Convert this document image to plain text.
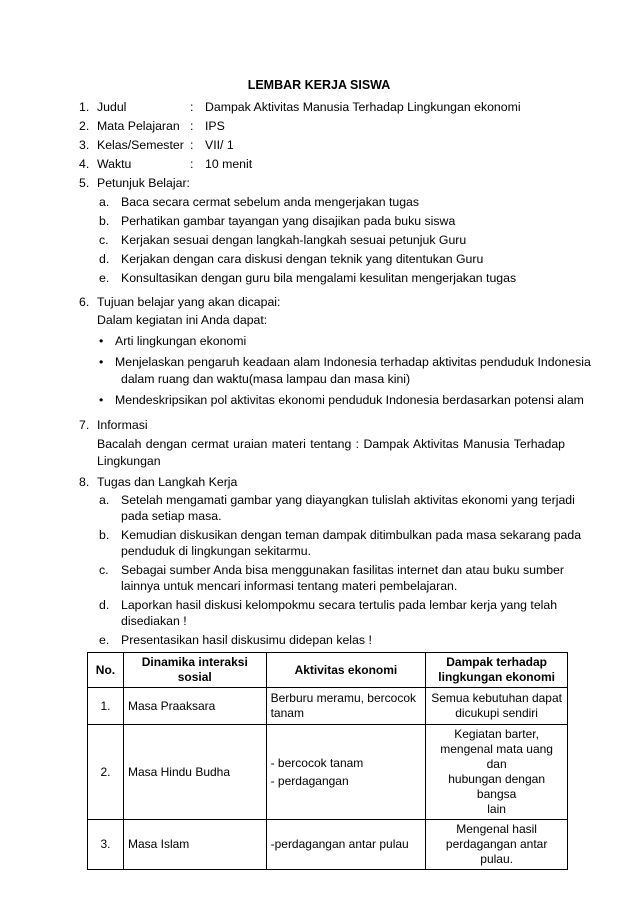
LEMBAR KERJA SISWA
1. Judul	: Dampak Aktivitas Manusia Terhadap Lingkungan ekonomi
2. Mata Pelajaran : IPS
3. Kelas/Semester : VII/ 1
4. Waktu	: 10 menit
5. Petunjuk Belajar:
a. Baca secara cermat sebelum anda mengerjakan tugas
b. Perhatikan gambar tayangan yang disajikan pada buku siswa
c. Kerjakan sesuai dengan langkah-langkah sesuai petunjuk Guru
d. Kerjakan dengan cara diskusi dengan teknik yang ditentukan Guru
e. Konsultasikan dengan guru bila mengalami kesulitan mengerjakan tugas
6. Tujuan belajar yang akan dicapai:
Dalam kegiatan ini Anda dapat:
• Arti lingkungan ekonomi
• Menjelaskan pengaruh keadaan alam Indonesia terhadap aktivitas penduduk Indonesia
dalam ruang dan waktu(masa lampau dan masa kini)
• Mendeskripsikan pol aktivitas ekonomi penduduk Indonesia berdasarkan potensi alam
7. Informasi
Bacalah dengan cermat uraian materi tentang : Dampak Aktivitas Manusia Terhadap
Lingkungan
8. Tugas dan Langkah Kerja
a. Setelah mengamati gambar yang diayangkan tulislah aktivitas ekonomi yang terjadi
pada setiap masa.
b. Kemudian diskusikan dengan teman dampak ditimbulkan pada masa sekarang pada
penduduk di lingkungan sekitarmu.
c. Sebagai sumber Anda bisa menggunakan fasilitas internet dan atau buku sumber
lainnya untuk mencari informasi tentang materi pembelajaran.
d. Laporkan hasil diskusi kelompokmu secara tertulis pada lembar kerja yang telah
disediakan !
e. Presentasikan hasil diskusimu didepan kelas !
No.	Dinamika interaksi
sosial	Aktivitas ekonomi	Dampak terhadap
lingkungan ekonomi

1.	Masa Praaksara	Berburu meramu, bercocok
tanam	Semua kebutuhan dapat
dicukupi sendiri

2.	Masa Hindu Budha	- bercocok tanam
- perdagangan	Kegiatan barter,
mengenal mata uang dan
hubungan dengan bangsa
lain

3.	Masa Islam	-perdagangan antar pulau	Mengenal hasil
perdagangan antar pulau.
